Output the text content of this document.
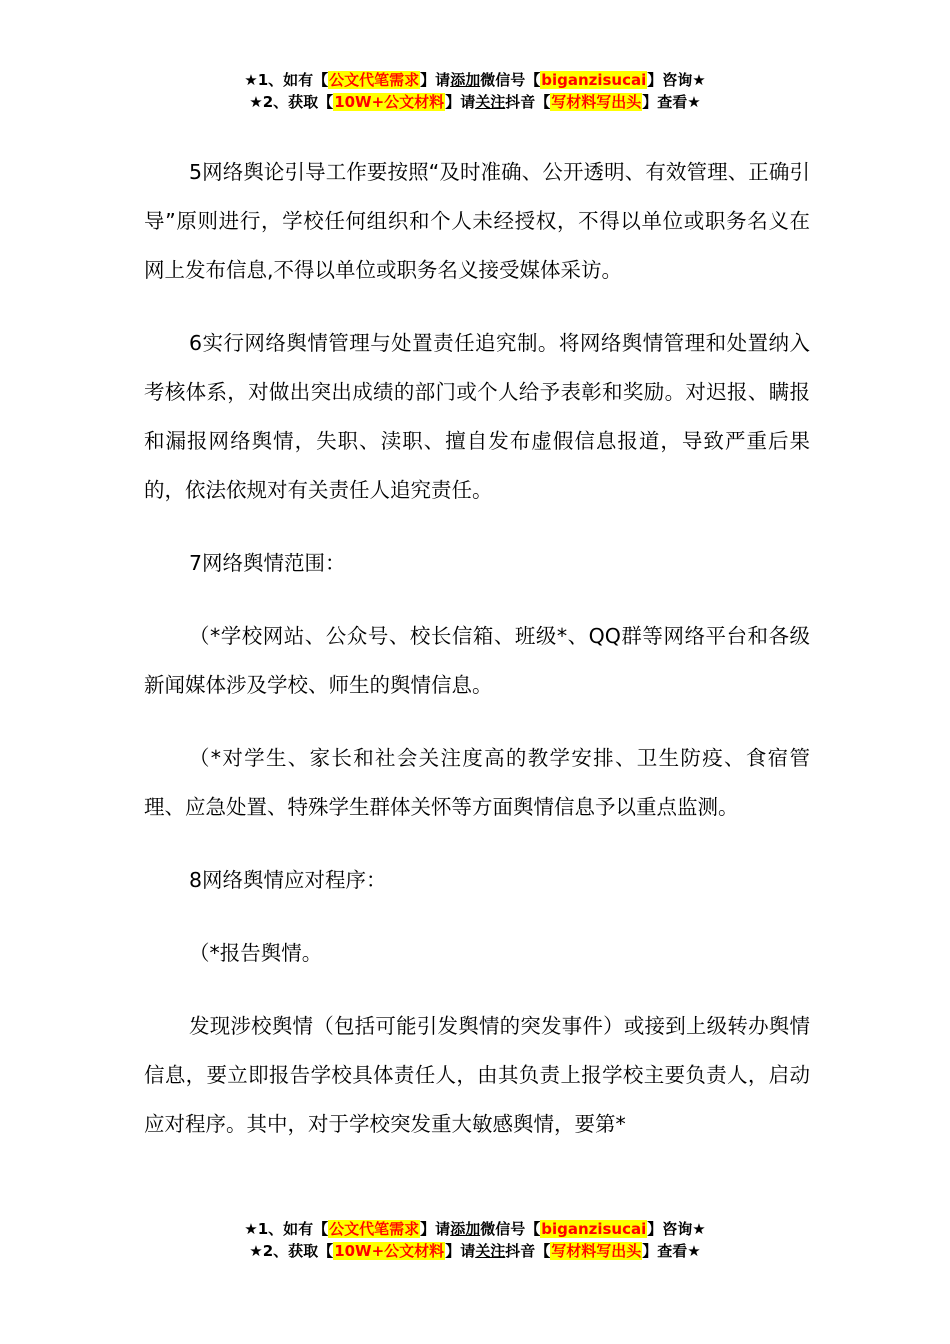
★1、如有【公文代笔需求】请添加微信号【biganzisucai】咨询★
★2、获取【10W+公文材料】请关注抖音【写材料写出头】查看★

5网络舆论引导工作要按照“及时准确、公开透明、有效管理、正确引导”原则进行，学校任何组织和个人未经授权，不得以单位或职务名义在网上发布信息,不得以单位或职务名义接受媒体采访。

6实行网络舆情管理与处置责任追究制。将网络舆情管理和处置纳入考核体系，对做出突出成绩的部门或个人给予表彰和奖励。对迟报、瞒报和漏报网络舆情，失职、渎职、擅自发布虚假信息报道，导致严重后果的，依法依规对有关责任人追究责任。

7网络舆情范围：

（*学校网站、公众号、校长信箱、班级*、QQ群等网络平台和各级新闻媒体涉及学校、师生的舆情信息。

（*对学生、家长和社会关注度高的教学安排、卫生防疫、食宿管理、应急处置、特殊学生群体关怀等方面舆情信息予以重点监测。

8网络舆情应对程序：

（*报告舆情。

发现涉校舆情（包括可能引发舆情的突发事件）或接到上级转办舆情信息，要立即报告学校具体责任人，由其负责上报学校主要负责人，启动应对程序。其中，对于学校突发重大敏感舆情，要第*

★1、如有【公文代笔需求】请添加微信号【biganzisucai】咨询★
★2、获取【10W+公文材料】请关注抖音【写材料写出头】查看★
